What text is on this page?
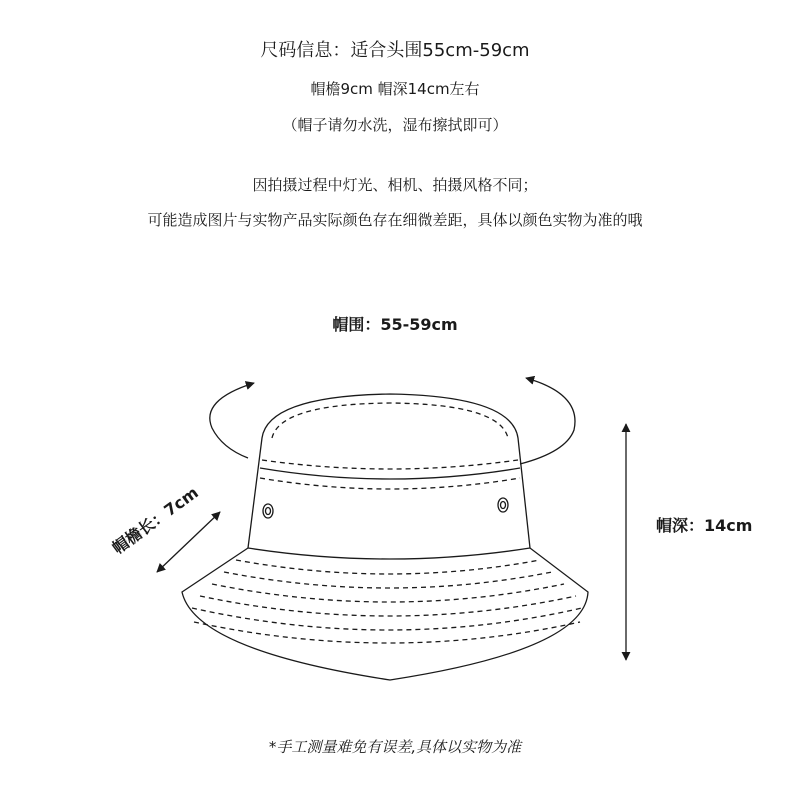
尺码信息：适合头围55cm-59cm
帽檐9cm 帽深14cm左右
（帽子请勿水洗，湿布擦拭即可）
因拍摄过程中灯光、相机、拍摄风格不同；
可能造成图片与实物产品实际颜色存在细微差距，具体以颜色实物为准的哦
帽围：55-59cm
帽檐长：7cm	帽深：14cm
*手工测量难免有误差,具体以实物为准
